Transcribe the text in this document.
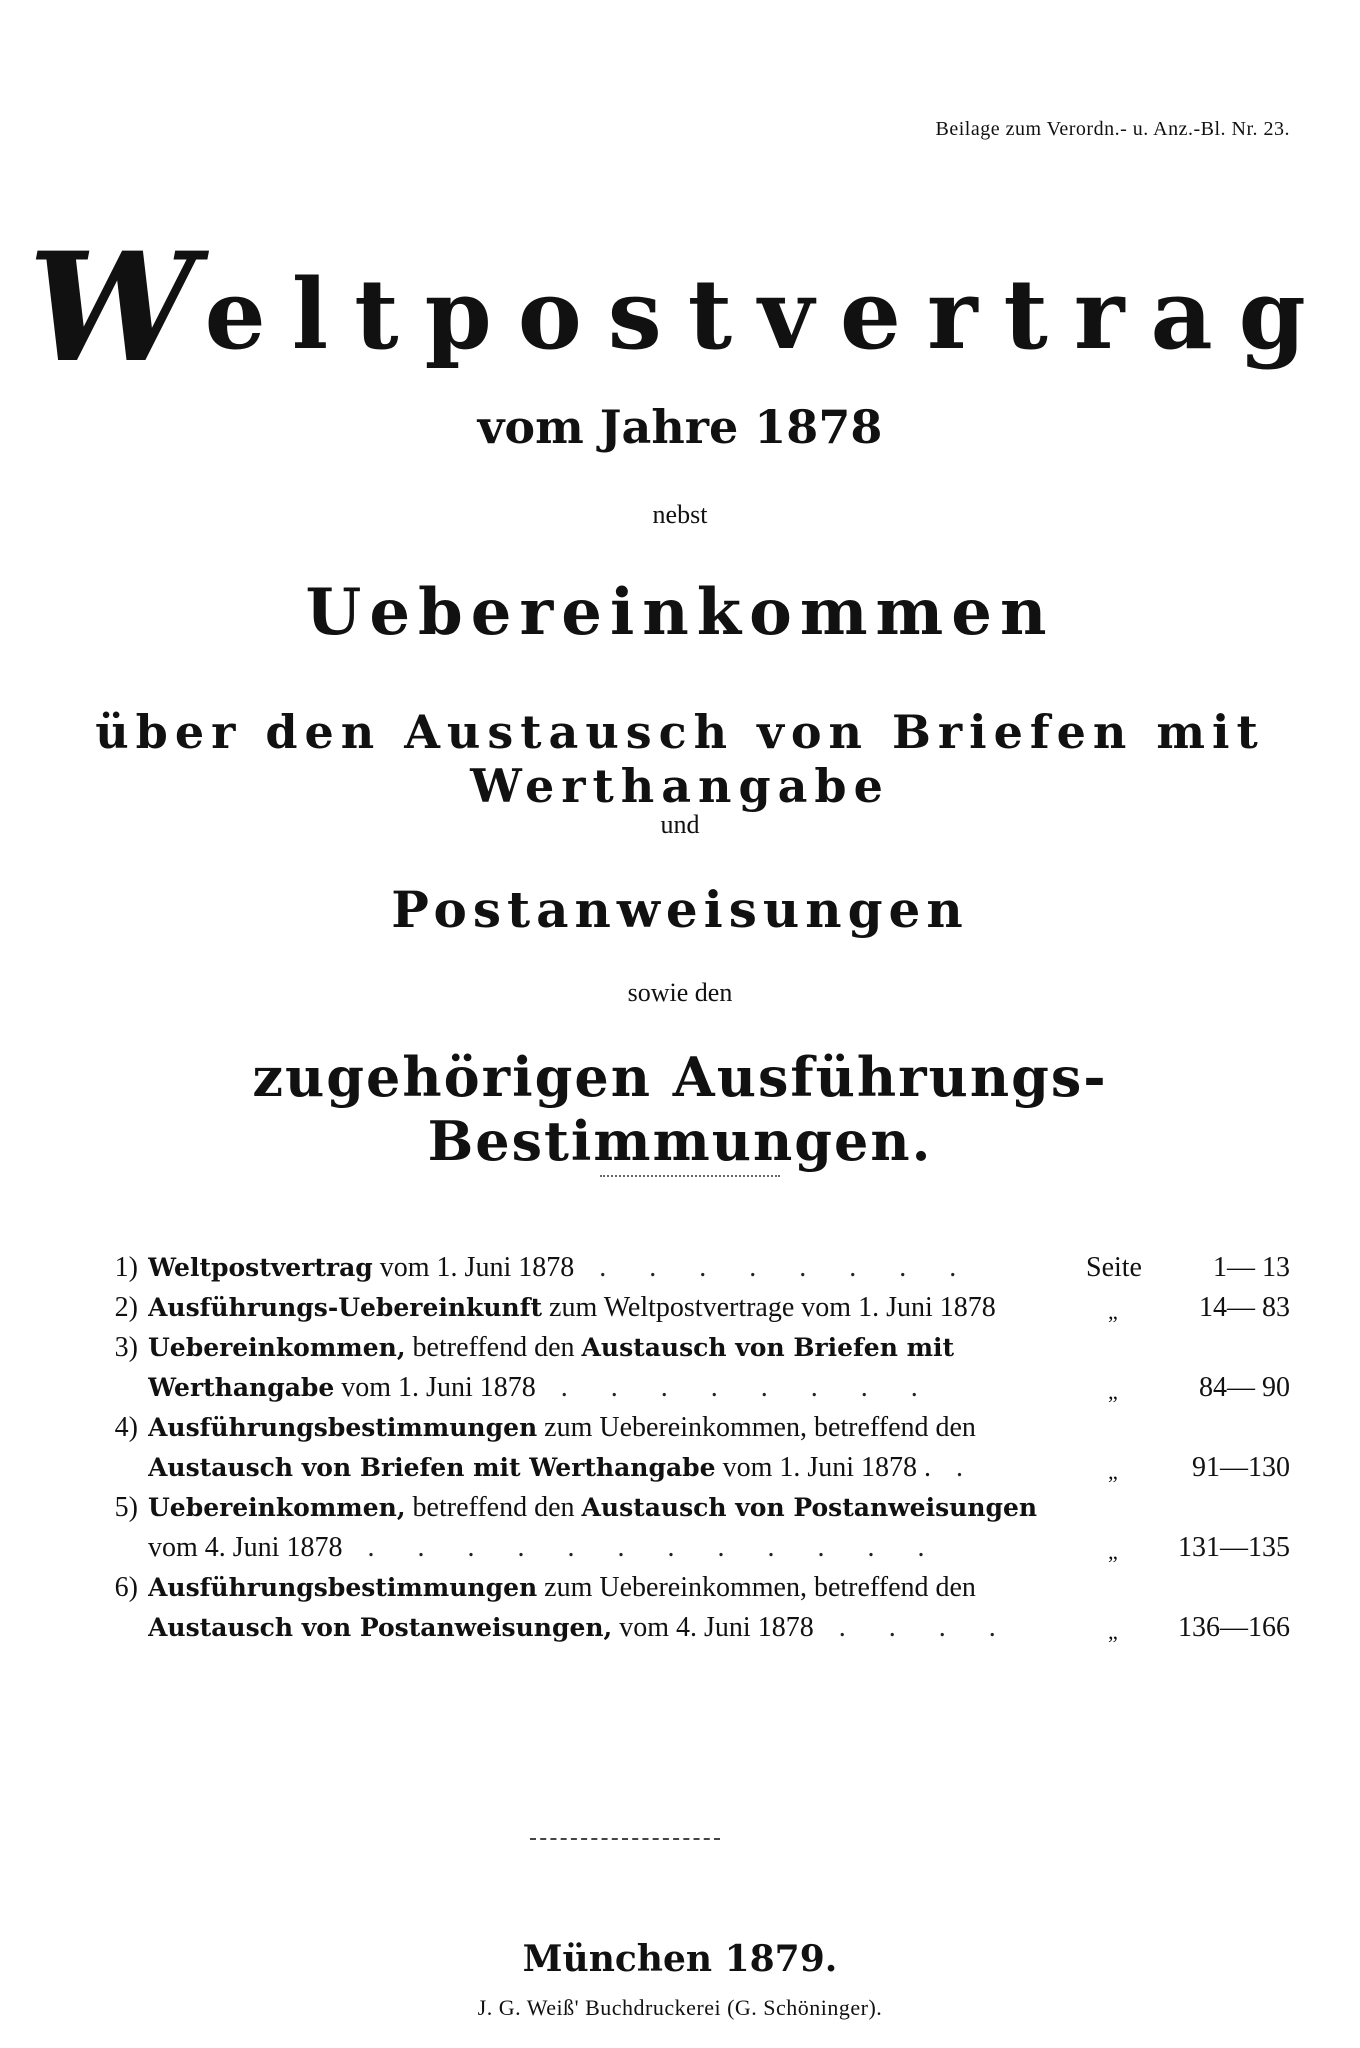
Beilage zum Verordn.- u. Anz.-Bl. Nr. 23.
Weltpostvertrag
vom Jahre 1878
nebst
Uebereinkommen
über den Austausch von Briefen mit Werthangabe
und
Postanweisungen
sowie den
zugehörigen Ausführungs-Bestimmungen.
1) Weltpostvertrag vom 1. Juni 1878 . . . . . . . .	Seite	1— 13
2) Ausführungs-Uebereinkunft zum Weltpostvertrage vom 1. Juni 1878	„	14— 83
3) Uebereinkommen, betreffend den Austausch von Briefen mit
Werthangabe vom 1. Juni 1878 . . . . . . . .	„	84— 90
4) Ausführungsbestimmungen zum Uebereinkommen, betreffend den
Austausch von Briefen mit Werthangabe vom 1. Juni 1878 . .	„	91—130
5) Uebereinkommen, betreffend den Austausch von Postanweisungen
vom 4. Juni 1878 . . . . . . . . . . . .	„	131—135
6) Ausführungsbestimmungen zum Uebereinkommen, betreffend den
Austausch von Postanweisungen, vom 4. Juni 1878 . . . .	„	136—166
München 1879.
J. G. Weiß' Buchdruckerei (G. Schöninger).
